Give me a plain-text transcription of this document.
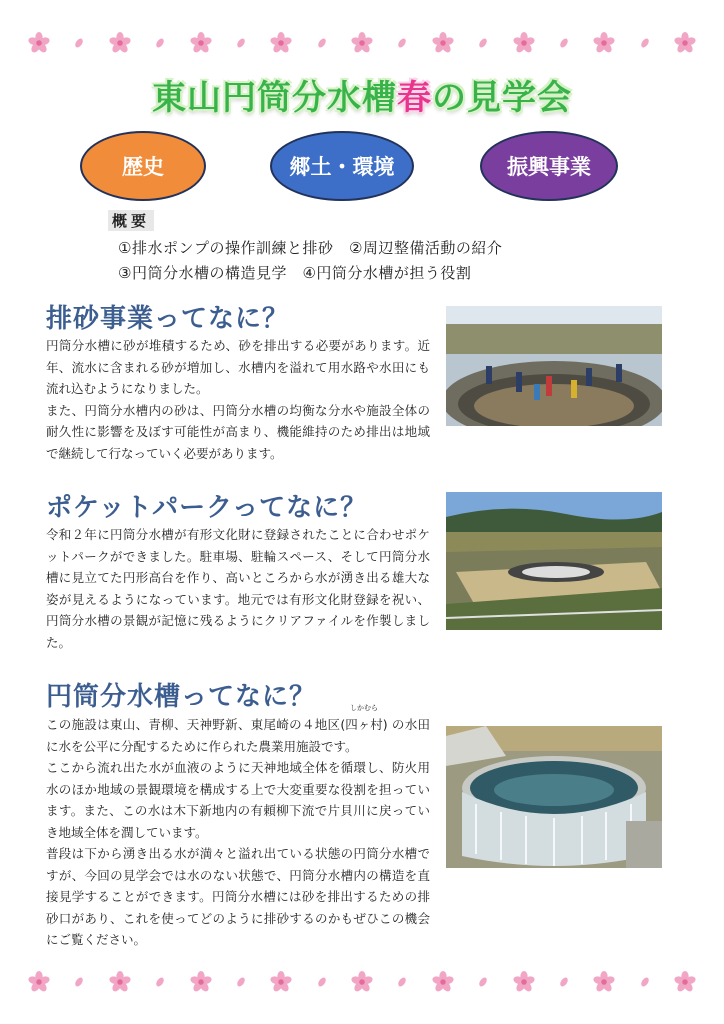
東山円筒分水槽春の見学会
歴史	郷土・環境	振興事業
概要
①排水ポンプの操作訓練と排砂　②周辺整備活動の紹介
③円筒分水槽の構造見学　④円筒分水槽が担う役割
排砂事業ってなに？
円筒分水槽に砂が堆積するため、砂を排出する必要があります。近年、流水に含まれる砂が増加し、水槽内を溢れて用水路や水田にも流れ込むようになりました。
また、円筒分水槽内の砂は、円筒分水槽の均衡な分水や施設全体の耐久性に影響を及ぼす可能性が高まり、機能維持のため排出は地域で継続して行なっていく必要があります。
ポケットパークってなに？
令和２年に円筒分水槽が有形文化財に登録されたことに合わせポケットパークができました。駐車場、駐輪スペース、そして円筒分水槽に見立てた円形高台を作り、高いところから水が湧き出る雄大な姿が見えるようになっています。地元では有形文化財登録を祝い、円筒分水槽の景観が記憶に残るようにクリアファイルを作製しました。
円筒分水槽ってなに？
この施設は東山、青柳、天神野新、東尾崎の４地区(
しかむら
四ヶ村) の水田に水を公平に分配するために作られた農業用施設です。
ここから流れ出た水が血液のように天神地域全体を循環し、防火用水のほか地域の景観環境を構成する上で大変重要な役割を担っています。また、この水は木下新地内の有頼柳下流で片貝川に戻っていき地域全体を潤しています。
普段は下から湧き出る水が満々と溢れ出ている状態の円筒分水槽ですが、今回の見学会では水のない状態で、円筒分水槽内の構造を直接見学することができます。円筒分水槽には砂を排出するための排砂口があり、これを使ってどのように排砂するのかもぜひこの機会にご覧ください。
